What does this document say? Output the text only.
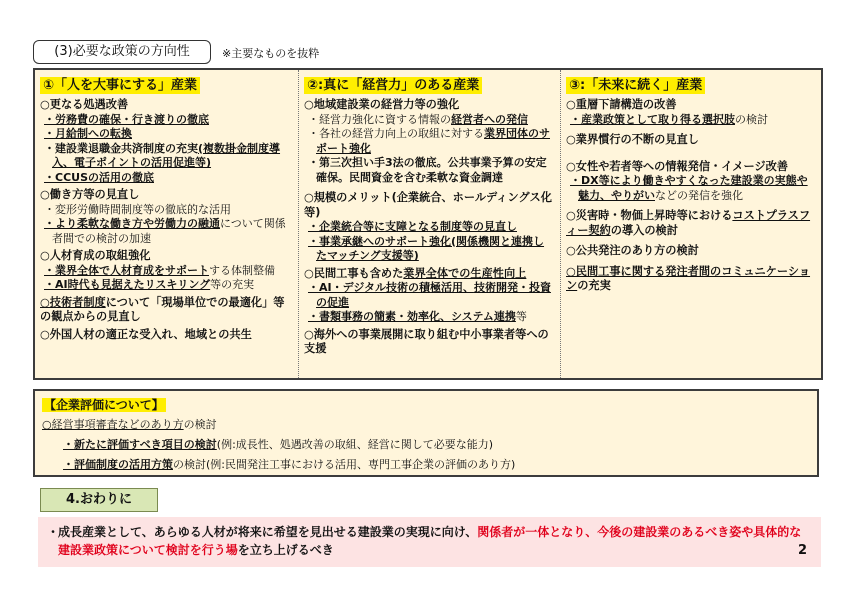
(3)必要な政策の方向性	※主要なものを抜粋
①「人を大事にする」産業
○更なる処遇改善
・労務費の確保・行き渡りの徹底
・月給制への転換
・建設業退職金共済制度の充実(複数掛金制度導入、電子ポイントの活用促進等)
・CCUSの活用の徹底
○働き方等の見直し
・変形労働時間制度等の徹底的な活用
・より柔軟な働き方や労働力の融通について関係者間での検討の加速
○人材育成の取組強化
・業界全体で人材育成をサポートする体制整備
・AI時代も見据えたリスキリング等の充実
○技術者制度について「現場単位での最適化」等の観点からの見直し
○外国人材の適正な受入れ、地域との共生
②:真に「経営力」のある産業
○地域建設業の経営力等の強化
・経営力強化に資する情報の経営者への発信
・各社の経営力向上の取組に対する業界団体のサポート強化
・第三次担い手3法の徹底。公共事業予算の安定確保。民間資金を含む柔軟な資金調達
○規模のメリット(企業統合、ホールディングス化等)
・企業統合等に支障となる制度等の見直し
・事業承継へのサポート強化(関係機関と連携したマッチング支援等)
○民間工事も含めた業界全体での生産性向上
・AI・デジタル技術の積極活用、技術開発・投資の促進
・書類事務の簡素・効率化、システム連携等
○海外への事業展開に取り組む中小事業者等への支援
③:「未来に続く」産業
○重層下請構造の改善
・産業政策として取り得る選択肢の検討
○業界慣行の不断の見直し
○女性や若者等への情報発信・イメージ改善
・DX等により働きやすくなった建設業の実態や魅力、やりがいなどの発信を強化
○災害時・物価上昇時等におけるコストプラスフィー契約の導入の検討
○公共発注のあり方の検討
○民間工事に関する発注者間のコミュニケーションの充実
【企業評価について】
○経営事項審査などのあり方の検討
・新たに評価すべき項目の検討(例:成長性、処遇改善の取組、経営に関して必要な能力)
・評価制度の活用方策の検討(例:民間発注工事における活用、専門工事企業の評価のあり方)
4.おわりに
・
成長産業として、あらゆる人材が将来に希望を見出せる建設業の実現に向け、関係者が一体となり、今後の建設業のあるべき姿や具体的な建設業政策について検討を行う場を立ち上げるべき	2
